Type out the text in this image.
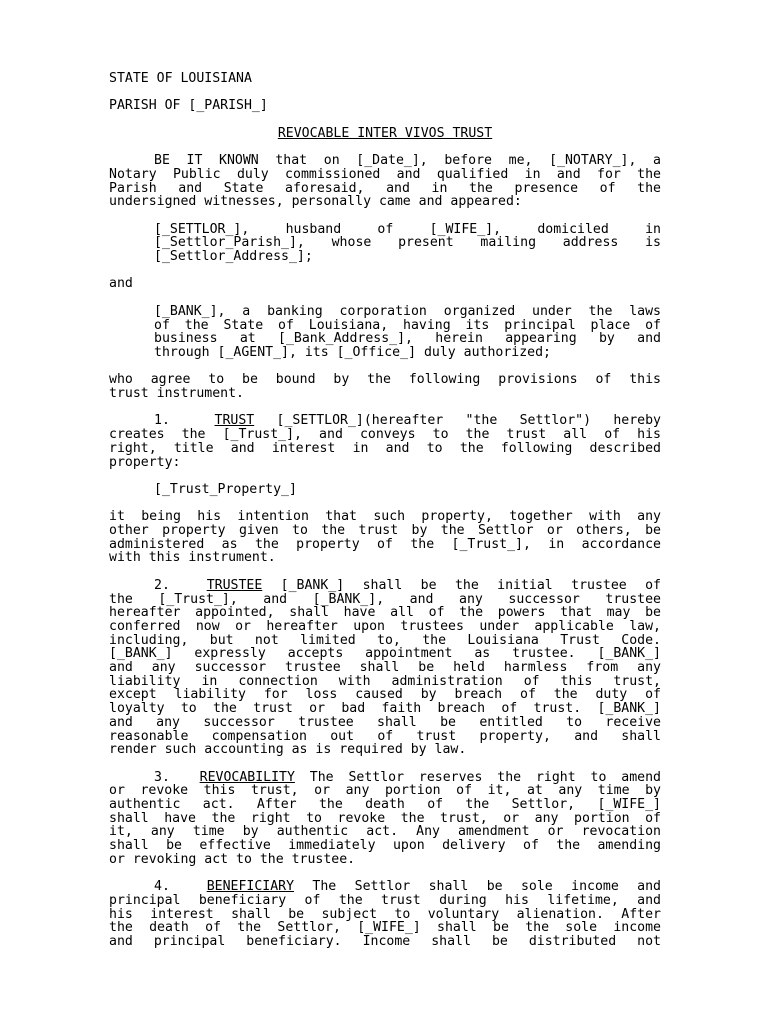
STATE OF LOUISIANA

PARISH OF [_PARISH_]

REVOCABLE INTER VIVOS TRUST

BE IT KNOWN that on [_Date_], before me, [_NOTARY_], a
Notary Public duly commissioned and qualified in and for the
Parish and State aforesaid, and in the presence of the
undersigned witnesses, personally came and appeared:
[_SETTLOR_], husband of [_WIFE_], domiciled in
[_Settlor_Parish_], whose present mailing address is
[_Settlor_Address_];

and

[_BANK_], a banking corporation organized under the laws
of the State of Louisiana, having its principal place of
business at [_Bank_Address_], herein appearing by and
through [_AGENT_], its [_Office_] duly authorized;
who agree to be bound by the following provisions of this
trust instrument.
1.	TRUST [_SETTLOR_](hereafter "the Settlor") hereby
creates the [_Trust_], and conveys to the trust all of his
right, title and interest in and to the following described
property:

[_Trust_Property_]

it being his intention that such property, together with any
other property given to the trust by the Settlor or others, be
administered as the property of the [_Trust_], in accordance
with this instrument.
2.	TRUSTEE [_BANK_] shall be the initial trustee of
the [_Trust_], and [_BANK_], and any successor trustee
hereafter appointed, shall have all of the powers that may be
conferred now or hereafter upon trustees under applicable law,
including, but not limited to, the Louisiana Trust Code.
[_BANK_] expressly accepts appointment as trustee. [_BANK_]
and any successor trustee shall be held harmless from any
liability in connection with administration of this trust,
except liability for loss caused by breach of the duty of
loyalty to the trust or bad faith breach of trust. [_BANK_]
and any successor trustee shall be entitled to receive
reasonable compensation out of trust property, and shall
render such accounting as is required by law.
3. REVOCABILITY The Settlor reserves the right to amend
or revoke this trust, or any portion of it, at any time by
authentic act. After the death of the Settlor, [_WIFE_]
shall have the right to revoke the trust, or any portion of
it, any time by authentic act. Any amendment or revocation
shall be effective immediately upon delivery of the amending
or revoking act to the trustee.
4.	BENEFICIARY The Settlor shall be sole income and
principal beneficiary of the trust during his lifetime, and
his interest shall be subject to voluntary alienation. After
the death of the Settlor, [_WIFE_] shall be the sole income
and principal beneficiary. Income shall be distributed not
